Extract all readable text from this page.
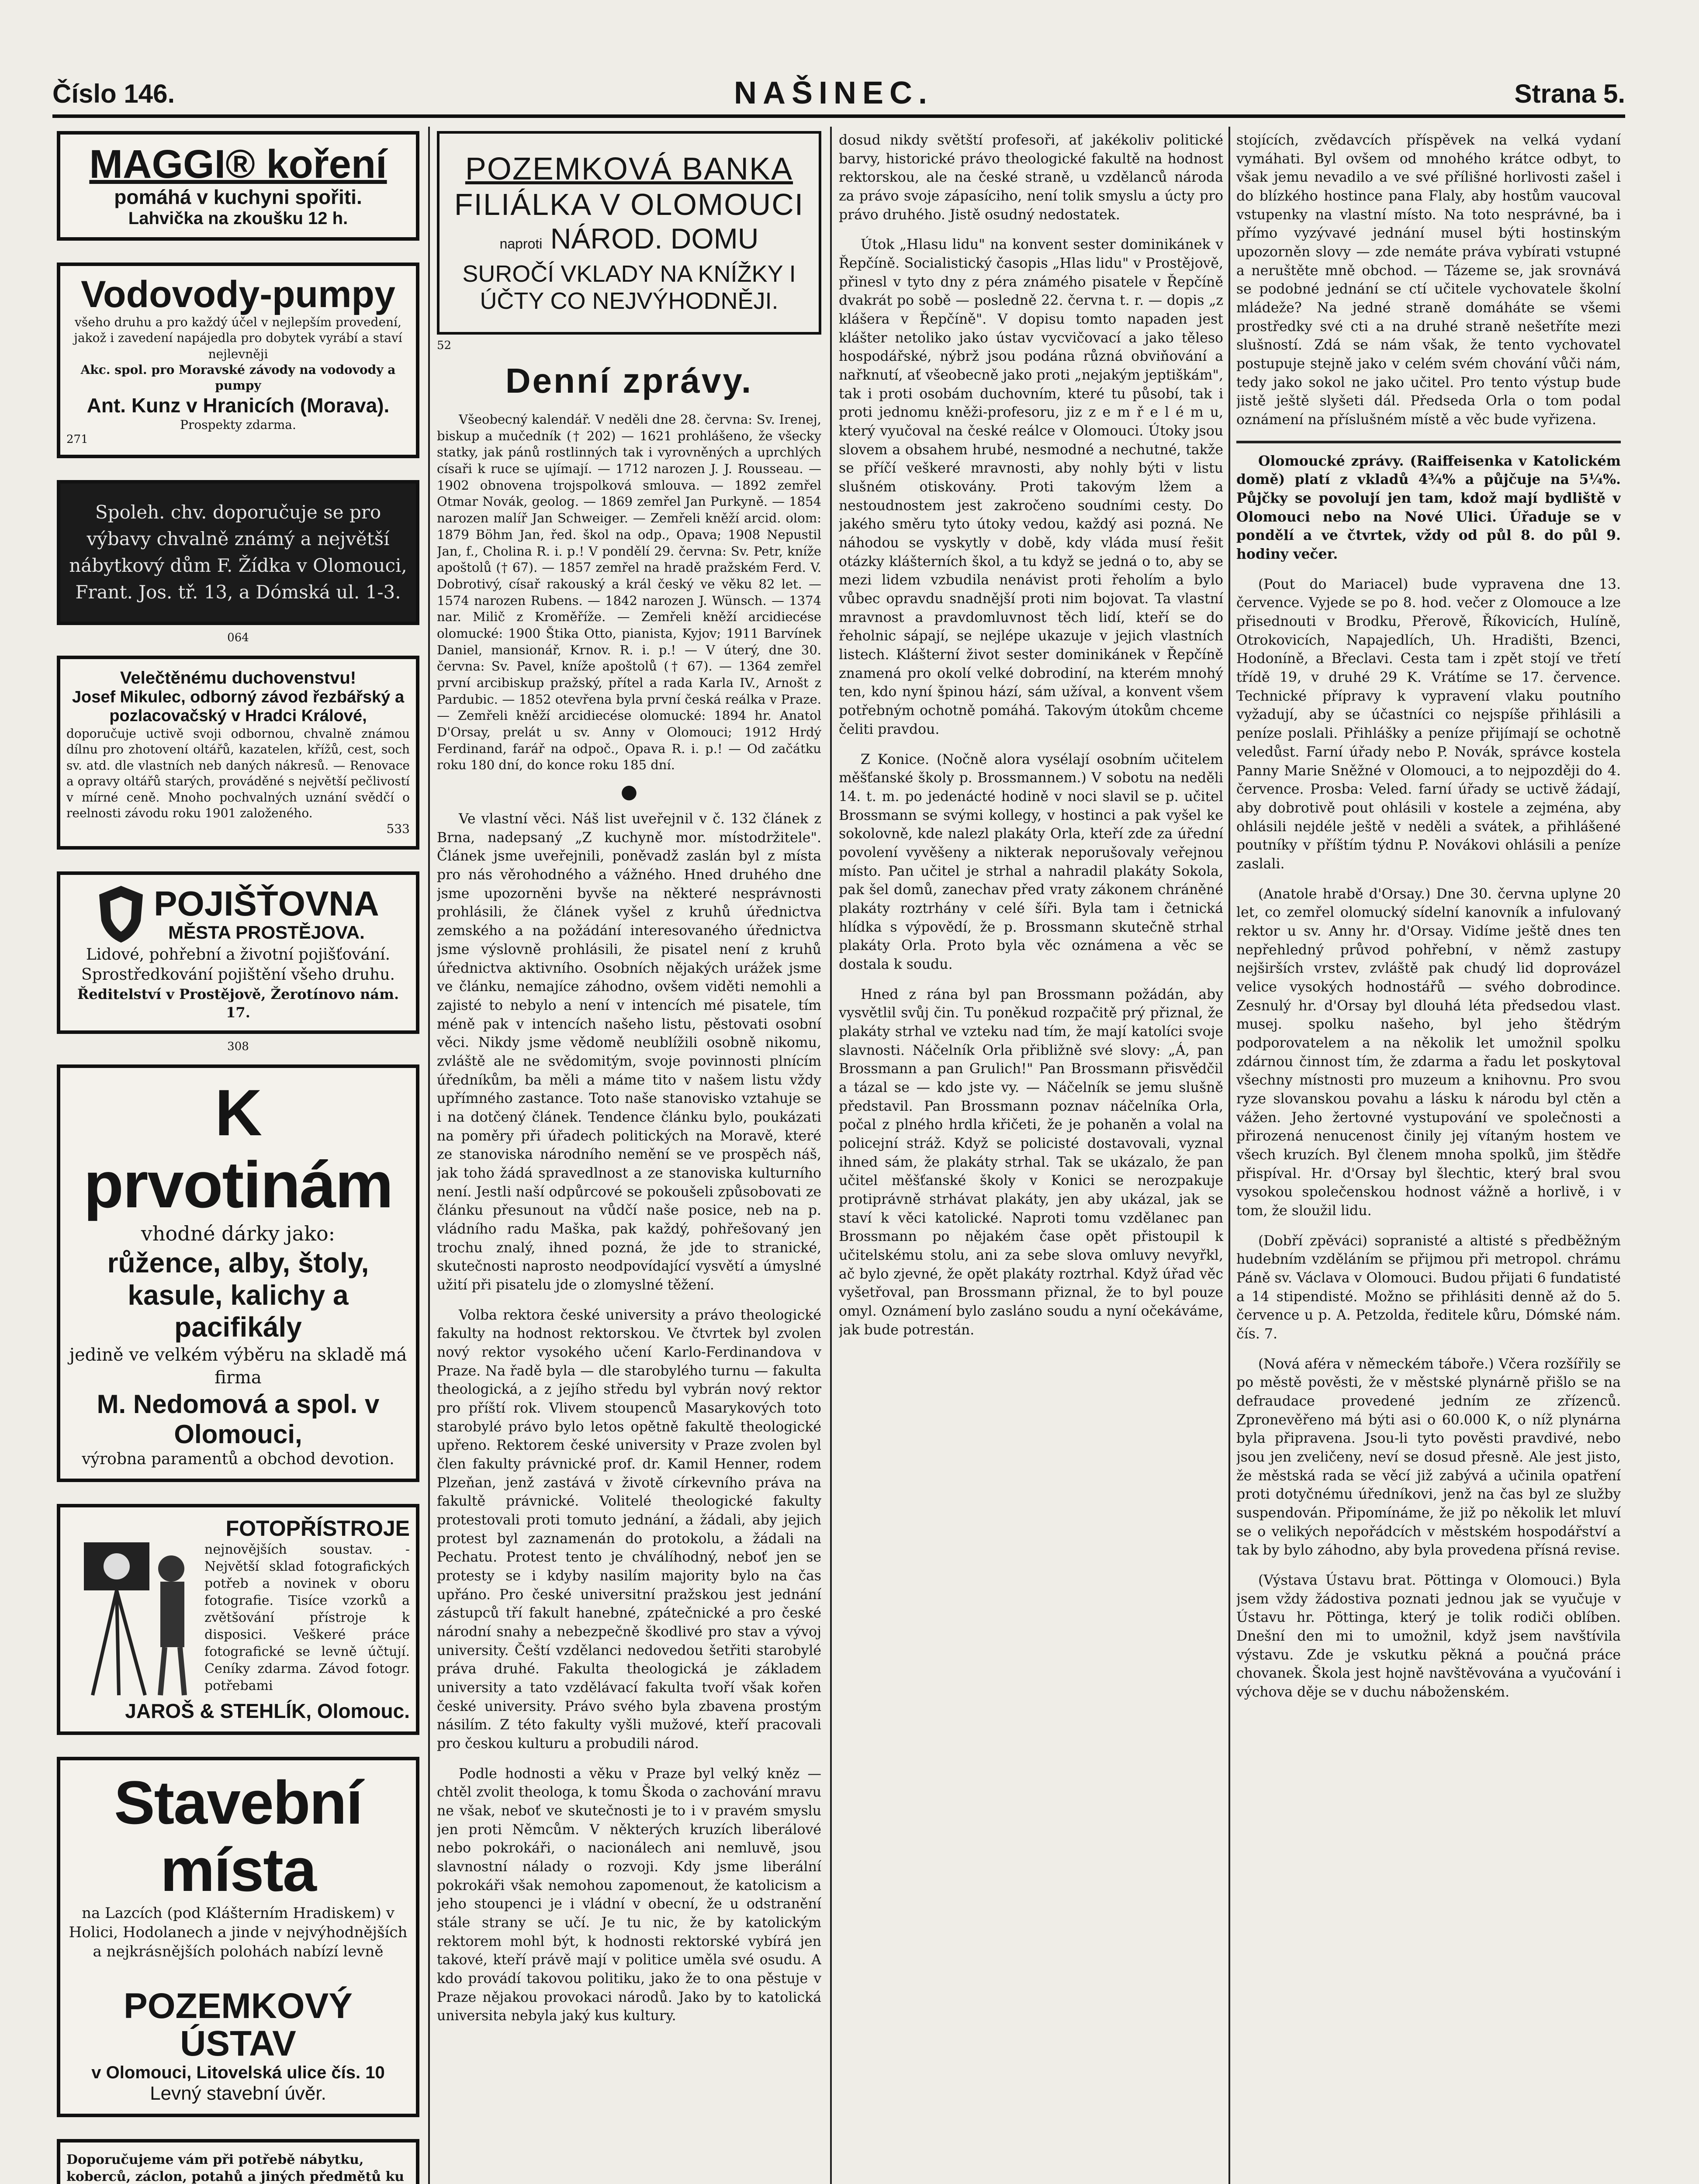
Číslo 146.	NAŠINEC.	Strana 5.
MAGGI® koření
pomáhá v kuchyni spořiti.
Lahvička na zkoušku 12 h.
Vodovody-pumpy
všeho druhu a pro každý účel v nejlepším provedení, jakož i zavedení napájedla pro dobytek vyrábí a staví nejlevněji
Akc. spol. pro Moravské závody na vodovody a pumpy
Ant. Kunz v Hranicích (Morava).
Prospekty zdarma.
271
Spoleh. chv. doporučuje se pro výbavy chvalně známý a největší nábytkový dům F. Žídka v Olomouci, Frant. Jos. tř. 13, a Dómská ul. 1-3.
064
Velečtěnému duchovenstvu!
Josef Mikulec, odborný závod řezbářský a pozlacovačský v Hradci Králové,
doporučuje uctivě svoji odbornou, chvalně známou dílnu pro zhotovení oltářů, kazatelen, křížů, cest, soch sv. atd. dle vlastních neb daných nákresů. — Renovace a opravy oltářů starých, prováděné s největší pečlivostí v mírné ceně. Mnoho pochvalných uznání svědčí o reelnosti závodu roku 1901 založeného.
533
POJIŠŤOVNA
MĚSTA PROSTĚJOVA.
Lidové, pohřební a životní pojišťování. Sprostředkování pojištění všeho druhu.
Ředitelství v Prostějově, Žerotínovo nám. 17.
308
K prvotinám
vhodné dárky jako:
růžence, alby, štoly, kasule, kalichy a pacifikály
jedině ve velkém výběru na skladě má firma
M. Nedomová a spol. v Olomouci,
výrobna paramentů a obchod devotion.
FOTOPŘÍSTROJE
nejnovějších soustav. - Největší sklad fotografických potřeb a novinek v oboru fotografie. Tisíce vzorků a zvětšování přístroje k disposici. Veškeré práce fotografické se levně účtují. Ceníky zdarma. Závod fotogr. potřebami
JAROŠ & STEHLÍK, Olomouc.
Stavební místa
na Lazcích (pod Klášterním Hradiskem) v Holici, Hodolanech a jinde v nejvýhodnějších a nejkrásnějších polohách nabízí levně
POZEMKOVÝ ÚSTAV
v Olomouci, Litovelská ulice čís. 10
Levný stavební úvěr.
Doporučujeme vám při potřebě nábytku, koberců, záclon, potahů a jiných předmětů ku
POZEMKOVÁ BANKA
FILIÁLKA V OLOMOUCI
naproti NÁROD. DOMU
SUROČÍ VKLADY NA KNÍŽKY I ÚČTY CO NEJVÝHODNĚJI.
52
Denní zprávy.

Všeobecný kalendář. V neděli dne 28. června: Sv. Irenej, biskup a mučedník († 202) — 1621 prohlášeno, že všecky statky, jak pánů rostlinných tak i vyrovněných a uprchlých císaři k ruce se ujímají. — 1712 narozen J. J. Rousseau. — 1902 obnovena trojspolková smlouva. — 1892 zemřel Otmar Novák, geolog. — 1869 zemřel Jan Purkyně. — 1854 narozen malíř Jan Schweiger. — Zemřeli kněží arcid. olom: 1879 Böhm Jan, řed. škol na odp., Opava; 1908 Nepustil Jan, f., Cholina R. i. p.! V pondělí 29. června: Sv. Petr, kníže apoštolů († 67). — 1857 zemřel na hradě pražském Ferd. V. Dobrotivý, císař rakouský a král český ve věku 82 let. — 1574 narozen Rubens. — 1842 narozen J. Wünsch. — 1374 nar. Milič z Kroměříže. — Zemřeli kněží arcidiecése olomucké: 1900 Štika Otto, pianista, Kyjov; 1911 Barvínek Daniel, mansionář, Krnov. R. i. p.! — V úterý, dne 30. června: Sv. Pavel, kníže apoštolů († 67). — 1364 zemřel první arcibiskup pražský, přítel a rada Karla IV., Arnošt z Pardubic. — 1852 otevřena byla první česká reálka v Praze. — Zemřeli kněží arcidiecése olomucké: 1894 hr. Anatol D'Orsay, prelát u sv. Anny v Olomouci; 1912 Hrdý Ferdinand, farář na odpoč., Opava R. i. p.! — Od začátku roku 180 dní, do konce roku 185 dní.

●

Ve vlastní věci. Náš list uveřejnil v č. 132 článek z Brna, nadepsaný „Z kuchyně mor. místodržitele". Článek jsme uveřejnili, poněvadž zaslán byl z místa pro nás věrohodného a vážného. Hned druhého dne jsme upozorněni byvše na některé nesprávnosti prohlásili, že článek vyšel z kruhů úřednictva zemského a na požádání interesovaného úřednictva jsme výslovně prohlásili, že pisatel není z kruhů úřednictva aktivního. Osobních nějakých urážek jsme ve článku, nemajíce záhodno, ovšem viděti nemohli a zajisté to nebylo a není v intencích mé pisatele, tím méně pak v intencích našeho listu, pěstovati osobní věci. Nikdy jsme vědomě neublížili osobně nikomu, zvláště ale ne svědomitým, svoje povinnosti plnícím úředníkům, ba měli a máme tito v našem listu vždy upřímného zastance. Toto naše stanovisko vztahuje se i na dotčený článek. Tendence článku bylo, poukázati na poměry při úřadech politických na Moravě, které ze stanoviska národního nemění se ve prospěch náš, jak toho žádá spravedlnost a ze stanoviska kulturního není. Jestli naší odpůrcové se pokoušeli způsobovati ze článku přesunout na vůdčí naše posice, neb na p. vládního radu Maška, pak každý, pohřešovaný jen trochu znalý, ihned pozná, že jde to stranické, skutečnosti naprosto neodpovídající vysvětí a úmyslné užití při pisatelu jde o zlomyslné těžení.

Volba rektora české university a právo theologické fakulty na hodnost rektorskou. Ve čtvrtek byl zvolen nový rektor vysokého učení Karlo-Ferdinandova v Praze. Na řadě byla — dle starobylého turnu — fakulta theologická, a z jejího středu byl vybrán nový rektor pro příští rok. Vlivem stoupenců Masarykových toto starobylé právo bylo letos opětně fakultě theologické upřeno. Rektorem české university v Praze zvolen byl člen fakulty právnické prof. dr. Kamil Henner, rodem Plzeňan, jenž zastává v životě církevního práva na fakultě právnické. Volitelé theologické fakulty protestovali proti tomuto jednání, a žádali, aby jejich protest byl zaznamenán do protokolu, a žádali na Pechatu. Protest tento je chválíhodný, neboť jen se protesty se i kdyby nasilím majority bylo na čas upřáno. Pro české universitní pražskou jest jednání zástupců tří fakult hanebné, zpátečnické a pro české národní snahy a nebezpečně škodlivé pro stav a vývoj university. Čeští vzdělanci nedovedou šetřiti starobylé práva druhé. Fakulta theologická je základem university a tato vzdělávací fakulta tvoří však kořen české university. Právo svého byla zbavena prostým násilím. Z této fakulty vyšli mužové, kteří pracovali pro českou kulturu a probudili národ.

Podle hodnosti a věku v Praze byl velký kněz — chtěl zvolit theologa, k tomu Škoda o zachování mravu ne však, neboť ve skutečnosti je to i v pravém smyslu jen proti Němcům. V některých kruzích liberálové nebo pokrokáři, o nacionálech ani nemluvě, jsou slavnostní nálady o rozvoji. Kdy jsme liberální pokrokáři však nemohou zapomenout, že katolicism a jeho stoupenci je i vládní v obecní, že u odstranění stále strany se učí. Je tu nic, že by katolickým rektorem mohl být, k hodnosti rektorské vybírá jen takové, kteří právě mají v politice uměla své osudu. A kdo provádí takovou politiku, jako že to ona pěstuje v Praze nějakou provokaci národů. Jako by to katolická universita nebyla jaký kus kultury.

dosud nikdy světští profesoři, ať jakékoliv politické barvy, historické právo theologické fakultě na hodnost rektorskou, ale na české straně, u vzdělanců národa za právo svoje zápasíciho, není tolik smyslu a úcty pro právo druhého. Jistě osudný nedostatek.

Útok „Hlasu lidu" na konvent sester dominikánek v Řepčíně. Socialistický časopis „Hlas lidu" v Prostějově, přinesl v tyto dny z péra známého pisatele v Řepčíně dvakrát po sobě — posledně 22. června t. r. — dopis „z klášera v Řepčíně". V dopisu tomto napaden jest klášter netoliko jako ústav vycvičovací a jako těleso hospodářské, nýbrž jsou podána různá obviňování a nařknutí, ať všeobecně jako proti „nejakým jeptiškám", tak i proti osobám duchovním, které tu působí, tak i proti jednomu kněži-profesoru, jiz z e m ř e l é m u, který vyučoval na české reálce v Olomouci. Útoky jsou slovem a obsahem hrubé, nesmodné a nechutné, takže se příčí veškeré mravnosti, aby nohly býti v listu slušném otiskovány. Proti takovým lžem a nestoudnostem jest zakročeno soudními cesty. Do jakého směru tyto útoky vedou, každý asi pozná. Ne náhodou se vyskytly v době, kdy vláda musí řešit otázky klášterních škol, a tu když se jedná o to, aby se mezi lidem vzbudila nenávist proti řeholím a bylo vůbec opravdu snadnější proti nim bojovat. Ta vlastní mravnost a pravdomluvnost těch lidí, kteří se do řeholnic sápají, se nejlépe ukazuje v jejich vlastních listech. Klášterní život sester dominikánek v Řepčíně znamená pro okolí velké dobrodiní, na kterém mnohý ten, kdo nyní špinou hází, sám užíval, a konvent všem potřebným ochotně pomáhá. Takovým útokům chceme čeliti pravdou.

Z Konice. (Nočně alora vysélají osobním učitelem měšťanské školy p. Brossmannem.) V sobotu na neděli 14. t. m. po jedenácté hodině v noci slavil se p. učitel Brossmann se svými kollegy, v hostinci a pak vyšel ke sokolovně, kde nalezl plakáty Orla, kteří zde za úřední povolení vyvěšeny a nikterak neporušovaly veřejnou místo. Pan učitel je strhal a nahradil plakáty Sokola, pak šel domů, zanechav před vraty zákonem chráněné plakáty roztrhány v celé šíři. Byla tam i četnická hlídka s výpovědí, že p. Brossmann skutečně strhal plakáty Orla. Proto byla věc oznámena a věc se dostala k soudu.

Hned z rána byl pan Brossmann požádán, aby vysvětlil svůj čin. Tu poněkud rozpačitě prý přiznal, že plakáty strhal ve vzteku nad tím, že mají katolíci svoje slavnosti. Náčelník Orla přibližně své slovy: „Á, pan Brossmann a pan Grulich!" Pan Brossmann přisvědčil a tázal se — kdo jste vy. — Náčelník se jemu slušně představil. Pan Brossmann poznav náčelníka Orla, počal z plného hrdla křičeti, že je pohaněn a volal na policejní stráž. Když se policisté dostavovali, vyznal ihned sám, že plakáty strhal. Tak se ukázalo, že pan učitel měšťanské školy v Konici se nerozpakuje protiprávně strhávat plakáty, jen aby ukázal, jak se staví k věci katolické. Naproti tomu vzdělanec pan Brossmann po nějakém čase opět přistoupil k učitelskému stolu, ani za sebe slova omluvy nevyřkl, ač bylo zjevné, že opět plakáty roztrhal. Když úřad věc vyšetřoval, pan Brossmann přiznal, že to byl pouze omyl. Oznámení bylo zasláno soudu a nyní očekáváme, jak bude potrestán.

stojících, zvědavcích příspěvek na velká vydaní vymáhati. Byl ovšem od mnohého krátce odbyt, to však jemu nevadilo a ve své přílišné horlivosti zašel i do blízkého hostince pana Flaly, aby hostům vaucoval vstupenky na vlastní místo. Na toto nesprávné, ba i přímo vyzývavé jednání musel býti hostinským upozorněn slovy — zde nemáte práva vybírati vstupné a neruštěte mně obchod. — Tázeme se, jak srovnává se podobné jednání se ctí učitele vychovatele školní mládeže? Na jedné straně domáháte se všemi prostředky své cti a na druhé straně nešetříte mezi slušností. Zdá se nám však, že tento vychovatel postupuje stejně jako v celém svém chování vůči nám, tedy jako sokol ne jako učitel. Pro tento výstup bude jistě ještě slyšeti dál. Předseda Orla o tom podal oznámení na příslušném místě a věc bude vyřizena.

Olomoucké zprávy. (Raiffeisenka v Katolickém domě) platí z vkladů 4¾% a půjčuje na 5¼%. Půjčky se povolují jen tam, kdož mají bydliště v Olomouci nebo na Nové Ulici. Úřaduje se v pondělí a ve čtvrtek, vždy od půl 8. do půl 9. hodiny večer.

(Pout do Mariacel) bude vypravena dne 13. července. Vyjede se po 8. hod. večer z Olomouce a lze přisednouti v Brodku, Přerově, Říkovicích, Hulíně, Otrokovicích, Napajedlích, Uh. Hradišti, Bzenci, Hodoníně, a Břeclavi. Cesta tam i zpět stojí ve třetí třídě 19, v druhé 29 K. Vrátíme se 17. července. Technické přípravy k vypravení vlaku poutního vyžadují, aby se účastníci co nejspíše přihlásili a peníze poslali. Přihlášky a peníze přijímají se ochotně veledůst. Farní úřady nebo P. Novák, správce kostela Panny Marie Sněžné v Olomouci, a to nejpozději do 4. července. Prosba: Veled. farní úřady se uctivě žádají, aby dobrotivě pout ohlásili v kostele a zejména, aby ohlásili nejdéle ještě v neděli a svátek, a přihlášené poutníky v příštím týdnu P. Novákovi ohlásili a peníze zaslali.

(Anatole hrabě d'Orsay.) Dne 30. června uplyne 20 let, co zemřel olomucký sídelní kanovník a infulovaný rektor u sv. Anny hr. d'Orsay. Vidíme ještě dnes ten nepřehledný průvod pohřební, v němž zastupy nejširších vrstev, zvláště pak chudý lid doprovázel velice vysokých hodnostářů — svého dobrodince. Zesnulý hr. d'Orsay byl dlouhá léta předsedou vlast. musej. spolku našeho, byl jeho štědrým podporovatelem a na několik let umožnil spolku zdárnou činnost tím, že zdarma a řadu let poskytoval všechny místnosti pro muzeum a knihovnu. Pro svou ryze slovanskou povahu a lásku k národu byl ctěn a vážen. Jeho žertovné vystupování ve společnosti a přirozená nenucenost činily jej vítaným hostem ve všech kruzích. Byl členem mnoha spolků, jim štědře přispíval. Hr. d'Orsay byl šlechtic, který bral svou vysokou společenskou hodnost vážně a horlivě, i v tom, že sloužil lidu.

(Dobří zpěváci) sopranisté a altisté s předběžným hudebním vzděláním se přijmou při metropol. chrámu Páně sv. Václava v Olomouci. Budou přijati 6 fundatisté a 14 stipendisté. Možno se přihlásiti denně až do 5. července u p. A. Petzolda, ředitele kůru, Dómské nám. čís. 7.

(Nová aféra v německém táboře.) Včera rozšířily se po městě pověsti, že v městské plynárně přišlo se na defraudace provedené jedním ze zřízenců. Zpronevěřeno má býti asi o 60.000 K, o níž plynárna byla připravena. Jsou-li tyto pověsti pravdivé, nebo jsou jen zveličeny, neví se dosud přesně. Ale jest jisto, že městská rada se věcí již zabývá a učinila opatření proti dotyčnému úředníkovi, jenž na čas byl ze služby suspendován. Připomínáme, že již po několik let mluví se o velikých nepořádcích v městském hospodářství a tak by bylo záhodno, aby byla provedena přísná revise.

(Výstava Ústavu brat. Pöttinga v Olomouci.) Byla jsem vždy žádostiva poznati jednou jak se vyučuje v Ústavu hr. Pöttinga, který je tolik rodiči oblíben. Dnešní den mi to umožnil, když jsem navštívila výstavu. Zde je vskutku pěkná a poučná práce chovanek. Škola jest hojně navštěvována a vyučování i výchova děje se v duchu náboženském.
